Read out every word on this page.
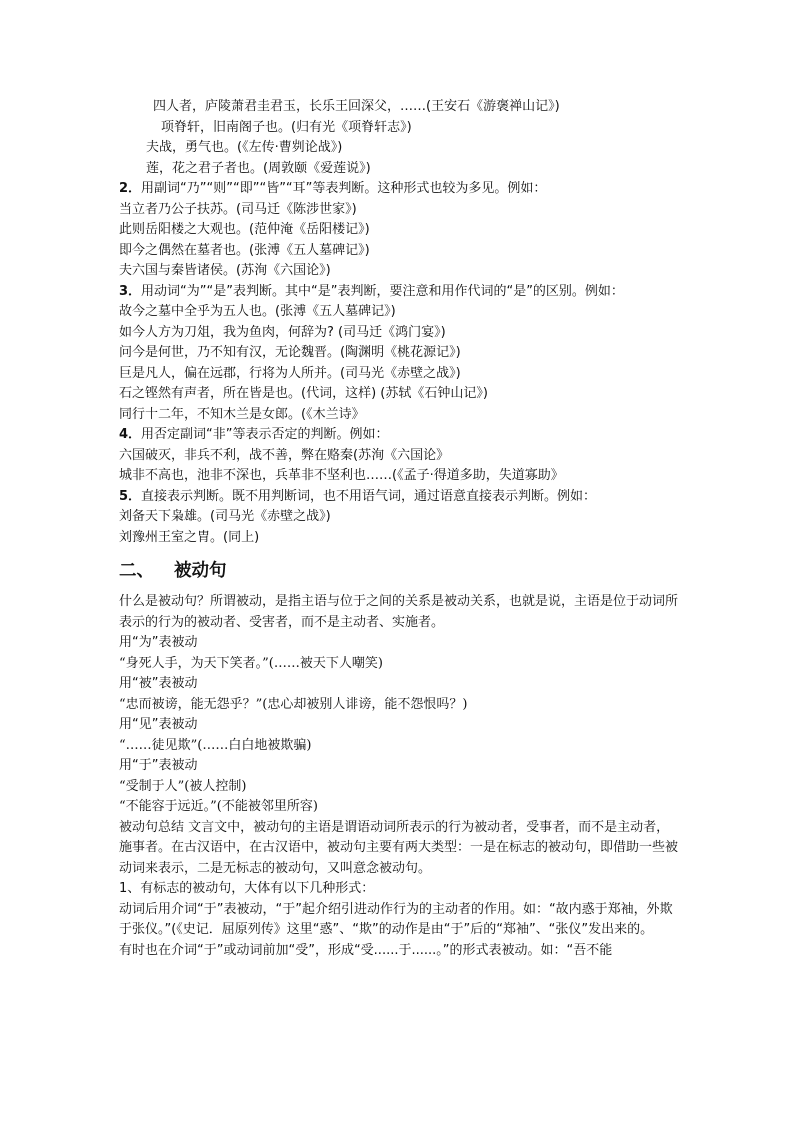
四人者，庐陵萧君圭君玉，长乐王回深父，……(王安石《游褒禅山记》)
项脊轩，旧南阁子也。(归有光《项脊轩志》)
夫战，勇气也。(《左传·曹刿论战》)
莲，花之君子者也。(周敦颐《爱莲说》)
2．用副词“乃”“则”“即”“皆”“耳”等表判断。这种形式也较为多见。例如：
当立者乃公子扶苏。(司马迁《陈涉世家》)
此则岳阳楼之大观也。(范仲淹《岳阳楼记》)
即今之偶然在墓者也。(张溥《五人墓碑记》)
夫六国与秦皆诸侯。(苏洵《六国论》)
3．用动词“为”“是”表判断。其中“是”表判断，要注意和用作代词的“是”的区别。例如：
故今之墓中全乎为五人也。(张溥《五人墓碑记》)
如今人方为刀俎，我为鱼肉，何辞为? (司马迁《鸿门宴》)
问今是何世，乃不知有汉，无论魏晋。(陶渊明《桃花源记》)
巨是凡人，偏在远郡，行将为人所并。(司马光《赤壁之战》)
石之铿然有声者，所在皆是也。(代词，这样) (苏轼《石钟山记》)
同行十二年，不知木兰是女郎。(《木兰诗》
4．用否定副词“非”等表示否定的判断。例如：
六国破灭，非兵不利，战不善，弊在赂秦(苏洵《六国论》
城非不高也，池非不深也，兵革非不坚利也……(《孟子·得道多助，失道寡助》
5．直接表示判断。既不用判断词，也不用语气词，通过语意直接表示判断。例如：
刘备天下枭雄。(司马光《赤壁之战》)
刘豫州王室之胄。(同上)
二、 被动句
什么是被动句？所谓被动，是指主语与位于之间的关系是被动关系，也就是说，主语是位于动词所表示的行为的被动者、受害者，而不是主动者、实施者。
用“为”表被动
“身死人手，为天下笑者。”(……被天下人嘲笑)
用“被”表被动
“忠而被谤，能无怨乎？”(忠心却被别人诽谤，能不怨恨吗？)
用“见”表被动
“……徒见欺”(……白白地被欺骗)
用“于”表被动
“受制于人”(被人控制)
“不能容于远近。”(不能被邻里所容)
被动句总结 文言文中，被动句的主语是谓语动词所表示的行为被动者，受事者，而不是主动者，施事者。在古汉语中，在古汉语中，被动句主要有两大类型：一是在标志的被动句，即借助一些被动词来表示，二是无标志的被动句，又叫意念被动句。
1、有标志的被动句，大体有以下几种形式：
动词后用介词“于”表被动，“于”起介绍引进动作行为的主动者的作用。如：“故内惑于郑袖，外欺于张仪。”(《史记．屈原列传》这里“惑”、“欺”的动作是由“于”后的“郑袖”、“张仪”发出来的。
有时也在介词“于”或动词前加“受”，形成“受......于......。”的形式表被动。如：“吾不能
